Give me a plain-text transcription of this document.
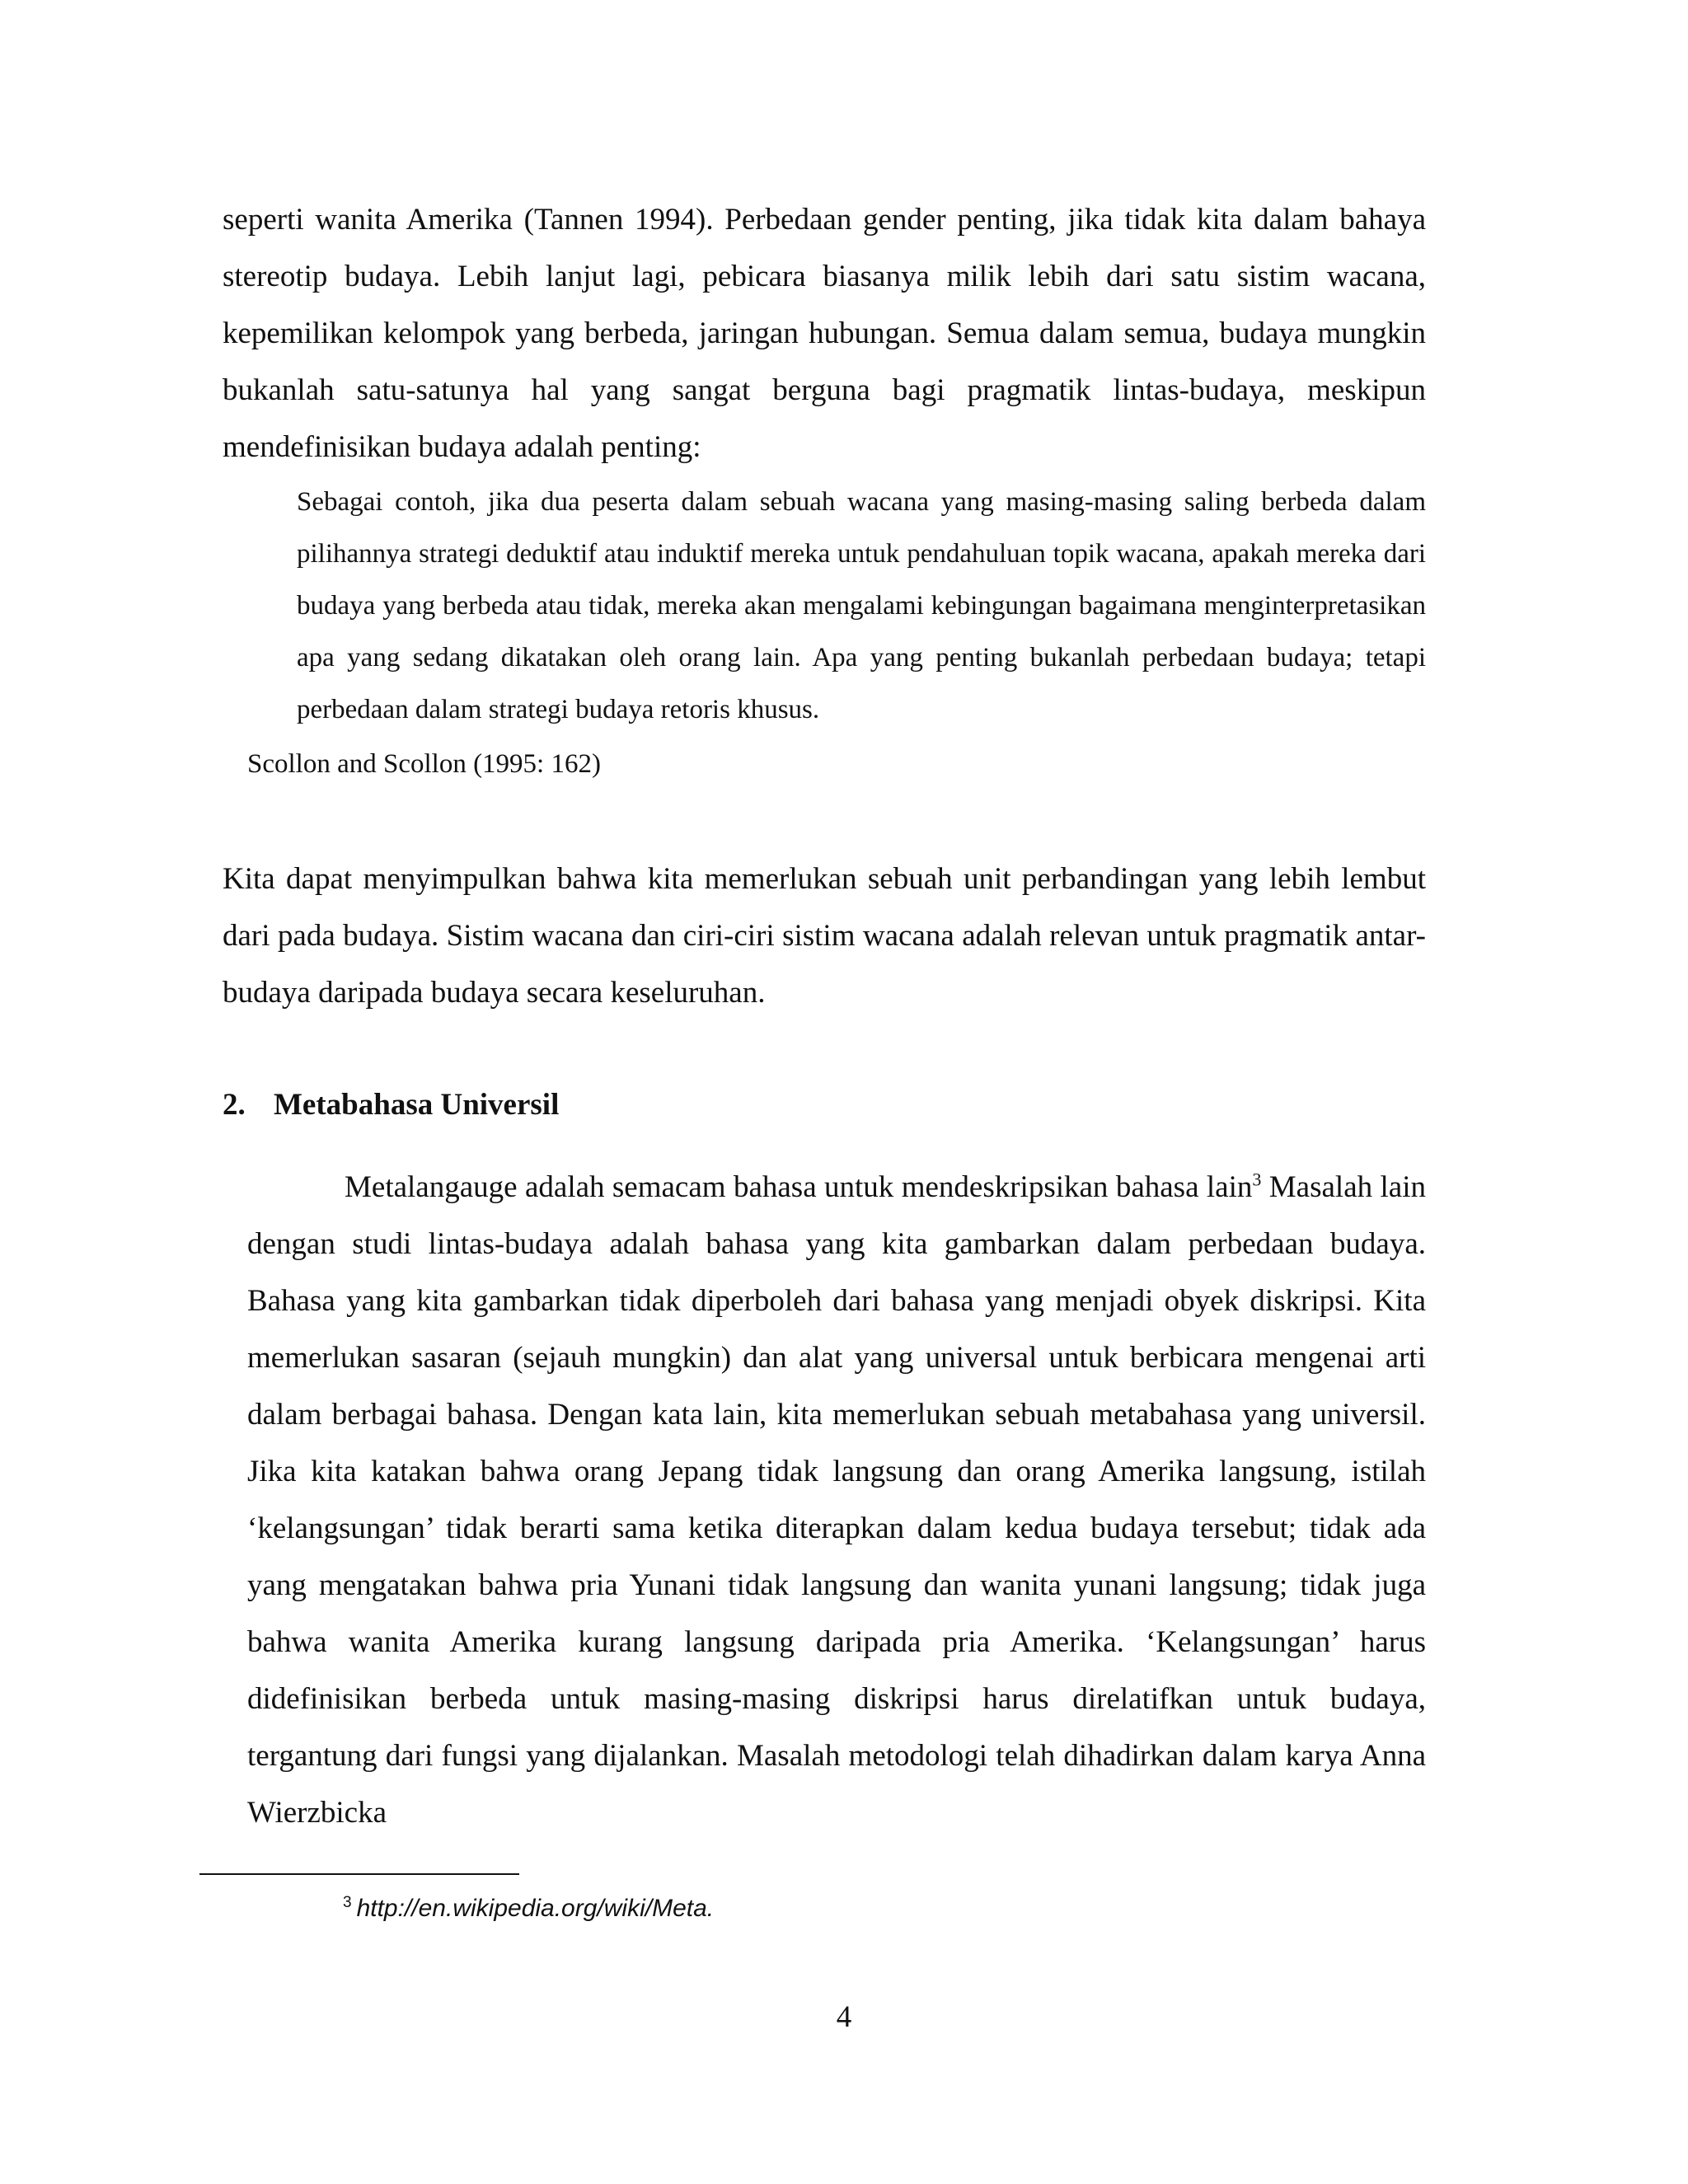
seperti wanita Amerika (Tannen 1994). Perbedaan gender penting, jika tidak kita dalam bahaya stereotip budaya. Lebih lanjut lagi, pebicara biasanya milik lebih dari satu sistim wacana, kepemilikan kelompok yang berbeda, jaringan hubungan. Semua dalam semua, budaya mungkin bukanlah satu-satunya hal yang sangat berguna bagi pragmatik lintas-budaya, meskipun mendefinisikan budaya adalah penting:

Sebagai contoh, jika dua peserta dalam sebuah wacana yang masing-masing saling berbeda dalam pilihannya strategi deduktif atau induktif mereka untuk pendahuluan topik wacana, apakah mereka dari budaya yang berbeda atau tidak, mereka akan mengalami kebingungan bagaimana menginterpretasikan apa yang sedang dikatakan oleh orang lain. Apa yang penting bukanlah perbedaan budaya; tetapi perbedaan dalam strategi budaya retoris khusus.

Scollon and Scollon (1995: 162)

Kita dapat menyimpulkan bahwa kita memerlukan sebuah unit perbandingan yang lebih lembut dari pada budaya. Sistim wacana dan ciri-ciri sistim wacana adalah relevan untuk pragmatik antar-budaya daripada budaya secara keseluruhan.

2. Metabahasa Universil

Metalangauge adalah semacam bahasa untuk mendeskripsikan bahasa lain$^3$ Masalah lain dengan studi lintas-budaya adalah bahasa yang kita gambarkan dalam perbedaan budaya. Bahasa yang kita gambarkan tidak diperboleh dari bahasa yang menjadi obyek diskripsi. Kita memerlukan sasaran (sejauh mungkin) dan alat yang universal untuk berbicara mengenai arti dalam berbagai bahasa. Dengan kata lain, kita memerlukan sebuah metabahasa yang universil. Jika kita katakan bahwa orang Jepang tidak langsung dan orang Amerika langsung, istilah ‘kelangsungan’ tidak berarti sama ketika diterapkan dalam kedua budaya tersebut; tidak ada yang mengatakan bahwa pria Yunani tidak langsung dan wanita yunani langsung; tidak juga bahwa wanita Amerika kurang langsung daripada pria Amerika. ‘Kelangsungan’ harus didefinisikan berbeda untuk masing-masing diskripsi harus direlatifkan untuk budaya, tergantung dari fungsi yang dijalankan. Masalah metodologi telah dihadirkan dalam karya Anna Wierzbicka

$^3$ http://en.wikipedia.org/wiki/Meta.

4
